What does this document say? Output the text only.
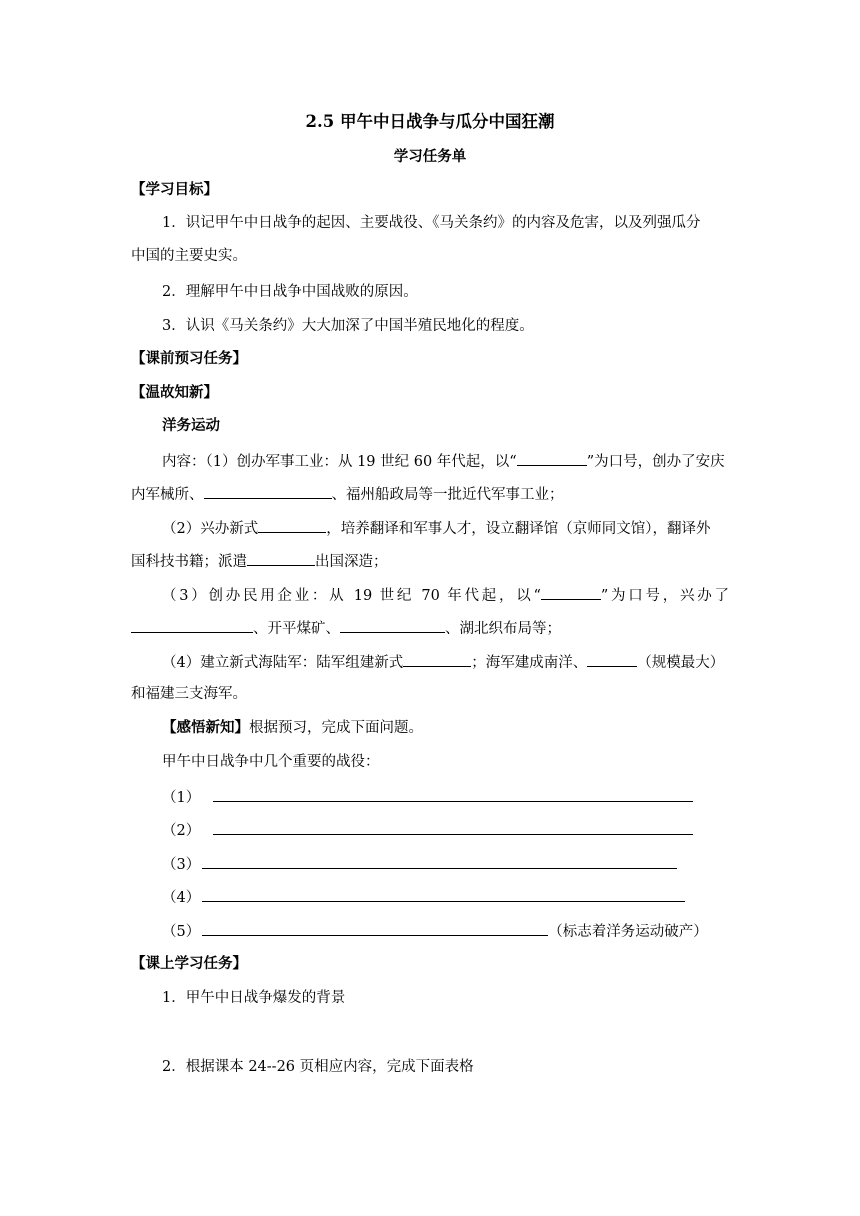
2.5 甲午中日战争与瓜分中国狂潮
学习任务单
【学习目标】
1．识记甲午中日战争的起因、主要战役、《马关条约》的内容及危害，以及列强瓜分
中国的主要史实。
2．理解甲午中日战争中国战败的原因。
3．认识《马关条约》大大加深了中国半殖民地化的程度。
【课前预习任务】
【温故知新】
洋务运动
内容：（1）创办军事工业：从 19 世纪 60 年代起，以“	”为口号，创办了安庆
内军械所、	、福州船政局等一批近代军事工业；
（2）兴办新式	，培养翻译和军事人才，设立翻译馆（京师同文馆），翻译外
国科技书籍；派遣	出国深造；
（3）创办民用企业：从 19 世纪 70 年代起，以“	”为口号，兴办了
、开平煤矿、	、湖北织布局等；
（4）建立新式海陆军：陆军组建新式	；海军建成南洋、	（规模最大）
和福建三支海军。
【感悟新知】根据预习，完成下面问题。
甲午中日战争中几个重要的战役：
（1）
（2）
（3）
（4）
（5）	（标志着洋务运动破产）
【课上学习任务】
1．甲午中日战争爆发的背景
2．根据课本 24--26 页相应内容，完成下面表格
